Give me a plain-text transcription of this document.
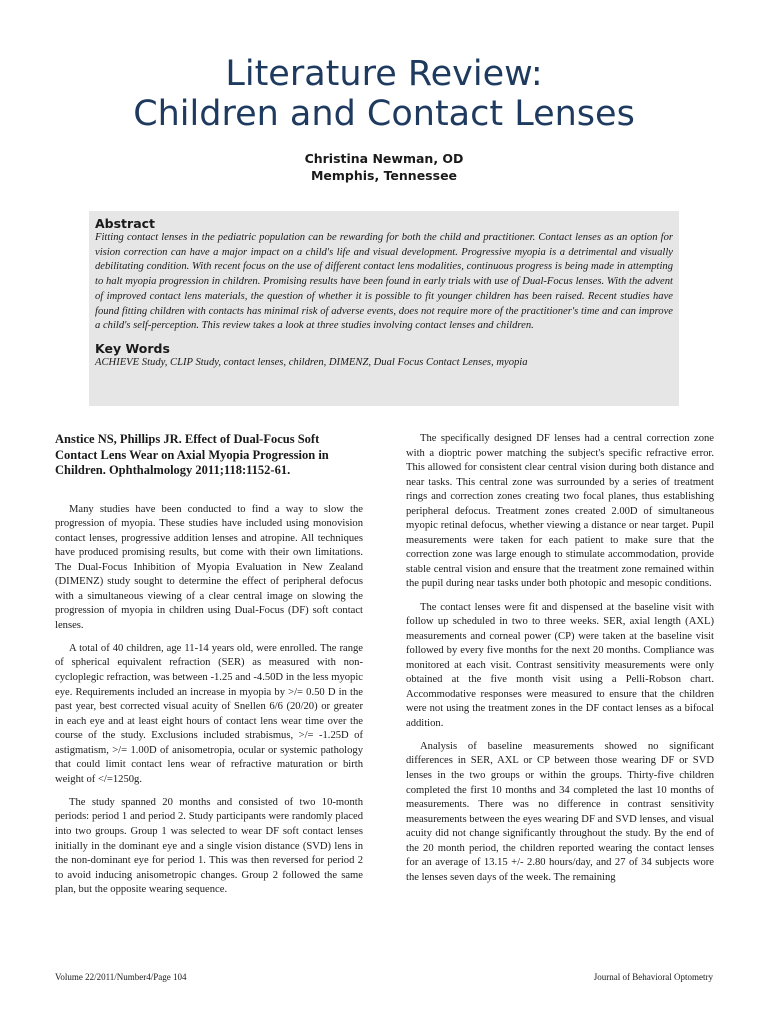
Literature Review:
Children and Contact Lenses
Christina Newman, OD
Memphis, Tennessee
Abstract

Fitting contact lenses in the pediatric population can be rewarding for both the child and practitioner. Contact lenses as an option for vision correction can have a major impact on a child's life and visual development. Progressive myopia is a detrimental and visually debilitating condition. With recent focus on the use of different contact lens modalities, continuous progress is being made in attempting to halt myopia progression in children. Promising results have been found in early trials with use of Dual-Focus lenses. With the advent of improved contact lens materials, the question of whether it is possible to fit younger children has been raised. Recent studies have found fitting children with contacts has minimal risk of adverse events, does not require more of the practitioner's time and can improve a child's self-perception. This review takes a look at three studies involving contact lenses and children.

Key Words

ACHIEVE Study, CLIP Study, contact lenses, children, DIMENZ, Dual Focus Contact Lenses, myopia

Anstice NS, Phillips JR. Effect of Dual-Focus Soft Contact Lens Wear on Axial Myopia Progression in Children. Ophthalmology 2011;118:1152-61.

Many studies have been conducted to find a way to slow the progression of myopia. These studies have included using monovision contact lenses, progressive addition lenses and atropine. All techniques have produced promising results, but come with their own limitations. The Dual-Focus Inhibition of Myopia Evaluation in New Zealand (DIMENZ) study sought to determine the effect of peripheral defocus with a simultaneous viewing of a clear central image on slowing the progression of myopia in children using Dual-Focus (DF) soft contact lenses.

A total of 40 children, age 11-14 years old, were enrolled. The range of spherical equivalent refraction (SER) as measured with non-cycloplegic refraction, was between -1.25 and -4.50D in the less myopic eye. Requirements included an increase in myopia by >/= 0.50 D in the past year, best corrected visual acuity of Snellen 6/6 (20/20) or greater in each eye and at least eight hours of contact lens wear time over the course of the study. Exclusions included strabismus, >/= -1.25D of astigmatism, >/= 1.00D of anisometropia, ocular or systemic pathology that could limit contact lens wear of refractive maturation or birth weight of </=1250g.

The study spanned 20 months and consisted of two 10-month periods: period 1 and period 2. Study participants were randomly placed into two groups. Group 1 was selected to wear DF soft contact lenses initially in the dominant eye and a single vision distance (SVD) lens in the non-dominant eye for period 1. This was then reversed for period 2 to avoid inducing anisometropic changes. Group 2 followed the same plan, but the opposite wearing sequence.

The specifically designed DF lenses had a central correction zone with a dioptric power matching the subject's specific refractive error. This allowed for consistent clear central vision during both distance and near tasks. This central zone was surrounded by a series of treatment rings and correction zones creating two focal planes, thus establishing peripheral defocus. Treatment zones created 2.00D of simultaneous myopic retinal defocus, whether viewing a distance or near target. Pupil measurements were taken for each patient to make sure that the correction zone was large enough to stimulate accommodation, provide stable central vision and ensure that the treatment zone remained within the pupil during near tasks under both photopic and mesopic conditions.

The contact lenses were fit and dispensed at the baseline visit with follow up scheduled in two to three weeks. SER, axial length (AXL) measurements and corneal power (CP) were taken at the baseline visit followed by every five months for the next 20 months. Compliance was monitored at each visit. Contrast sensitivity measurements were only obtained at the five month visit using a Pelli-Robson chart. Accommodative responses were measured to ensure that the children were not using the treatment zones in the DF contact lenses as a bifocal addition.

Analysis of baseline measurements showed no significant differences in SER, AXL or CP between those wearing DF or SVD lenses in the two groups or within the groups. Thirty-five children completed the first 10 months and 34 completed the last 10 months of measurements. There was no difference in contrast sensitivity measurements between the eyes wearing DF and SVD lenses, and visual acuity did not change significantly throughout the study. By the end of the 20 month period, the children reported wearing the contact lenses for an average of 13.15 +/- 2.80 hours/day, and 27 of 34 subjects wore the lenses seven days of the week. The remaining

Volume 22/2011/Number4/Page 104	Journal of Behavioral Optometry
